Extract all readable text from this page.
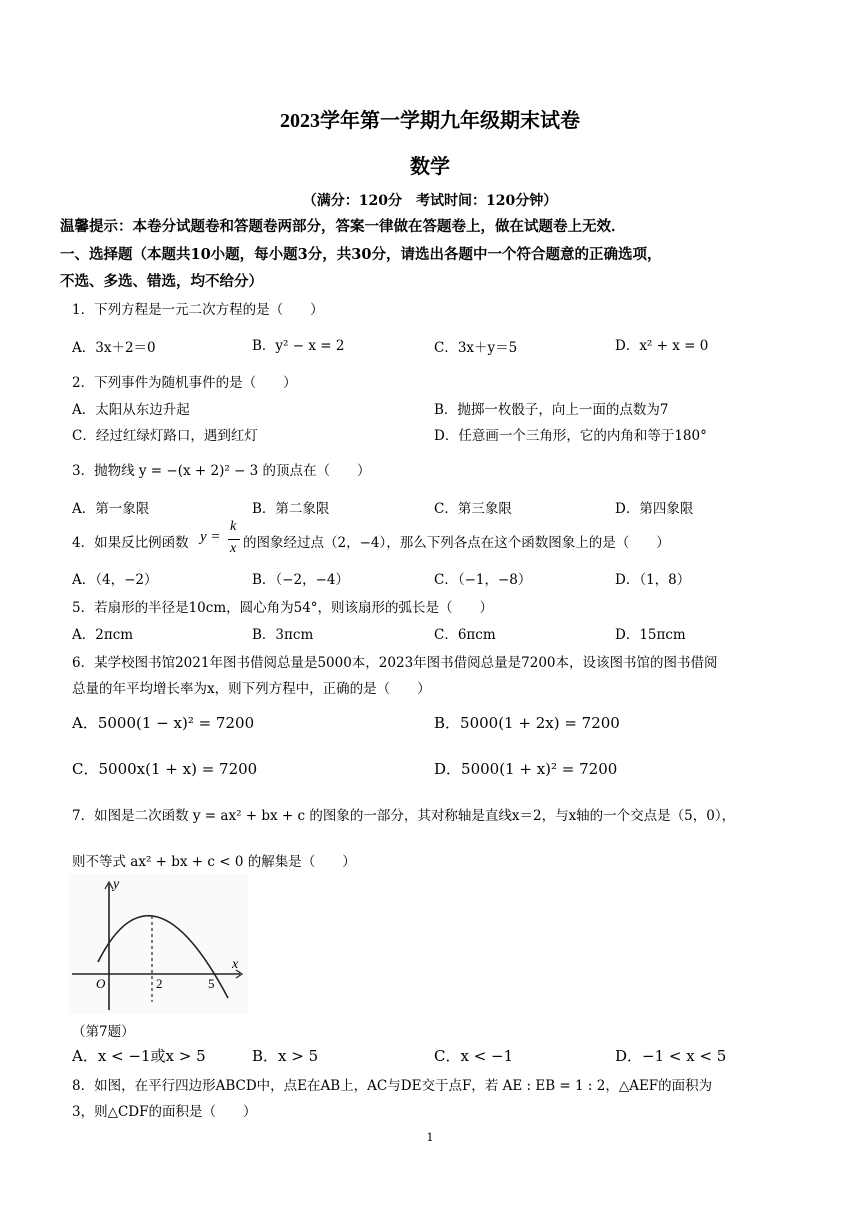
2023学年第一学期九年级期末试卷
数学
（满分：120分　考试时间：120分钟）
温馨提示：本卷分试题卷和答题卷两部分，答案一律做在答题卷上，做在试题卷上无效．
一、选择题（本题共10小题，每小题3分，共30分，请选出各题中一个符合题意的正确选项，
不选、多选、错选，均不给分）
1．下列方程是一元二次方程的是（　　）
A．3x＋2＝0	B．y² − x = 2	C．3x＋y＝5	D．x² + x = 0
2．下列事件为随机事件的是（　　）
A．太阳从东边升起	B．抛掷一枚骰子，向上一面的点数为7
C．经过红绿灯路口，遇到红灯	D．任意画一个三角形，它的内角和等于180°
3．抛物线 y = −(x + 2)² − 3 的顶点在（　　）
A．第一象限	B．第二象限	C．第三象限	D．第四象限
4．如果反比例函数 y =
k
x 的图象经过点（2，−4），那么下列各点在这个函数图象上的是（　　）
A．（4，−2）	B．（−2，−4）	C．（−1，−8）	D．（1，8）
5．若扇形的半径是10cm，圆心角为54°，则该扇形的弧长是（　　）
A．2πcm	B．3πcm	C．6πcm	D．15πcm
6．某学校图书馆2021年图书借阅总量是5000本，2023年图书借阅总量是7200本，设该图书馆的图书借阅
总量的年平均增长率为x，则下列方程中，正确的是（　　）
A．5000(1 − x)² = 7200	B．5000(1 + 2x) = 7200
C．5000x(1 + x) = 7200	D．5000(1 + x)² = 7200
7．如图是二次函数 y = ax² + bx + c 的图象的一部分，其对称轴是直线x＝2，与x轴的一个交点是（5，0），
则不等式 ax² + bx + c < 0 的解集是（　　）
y
x
O	2	5
（第7题）
A．x < −1或x > 5	B．x > 5	C．x < −1	D．−1 < x < 5
8．如图，在平行四边形ABCD中，点E在AB上，AC与DE交于点F，若 AE : EB = 1 : 2，△AEF的面积为
3，则△CDF的面积是（　　）
1
